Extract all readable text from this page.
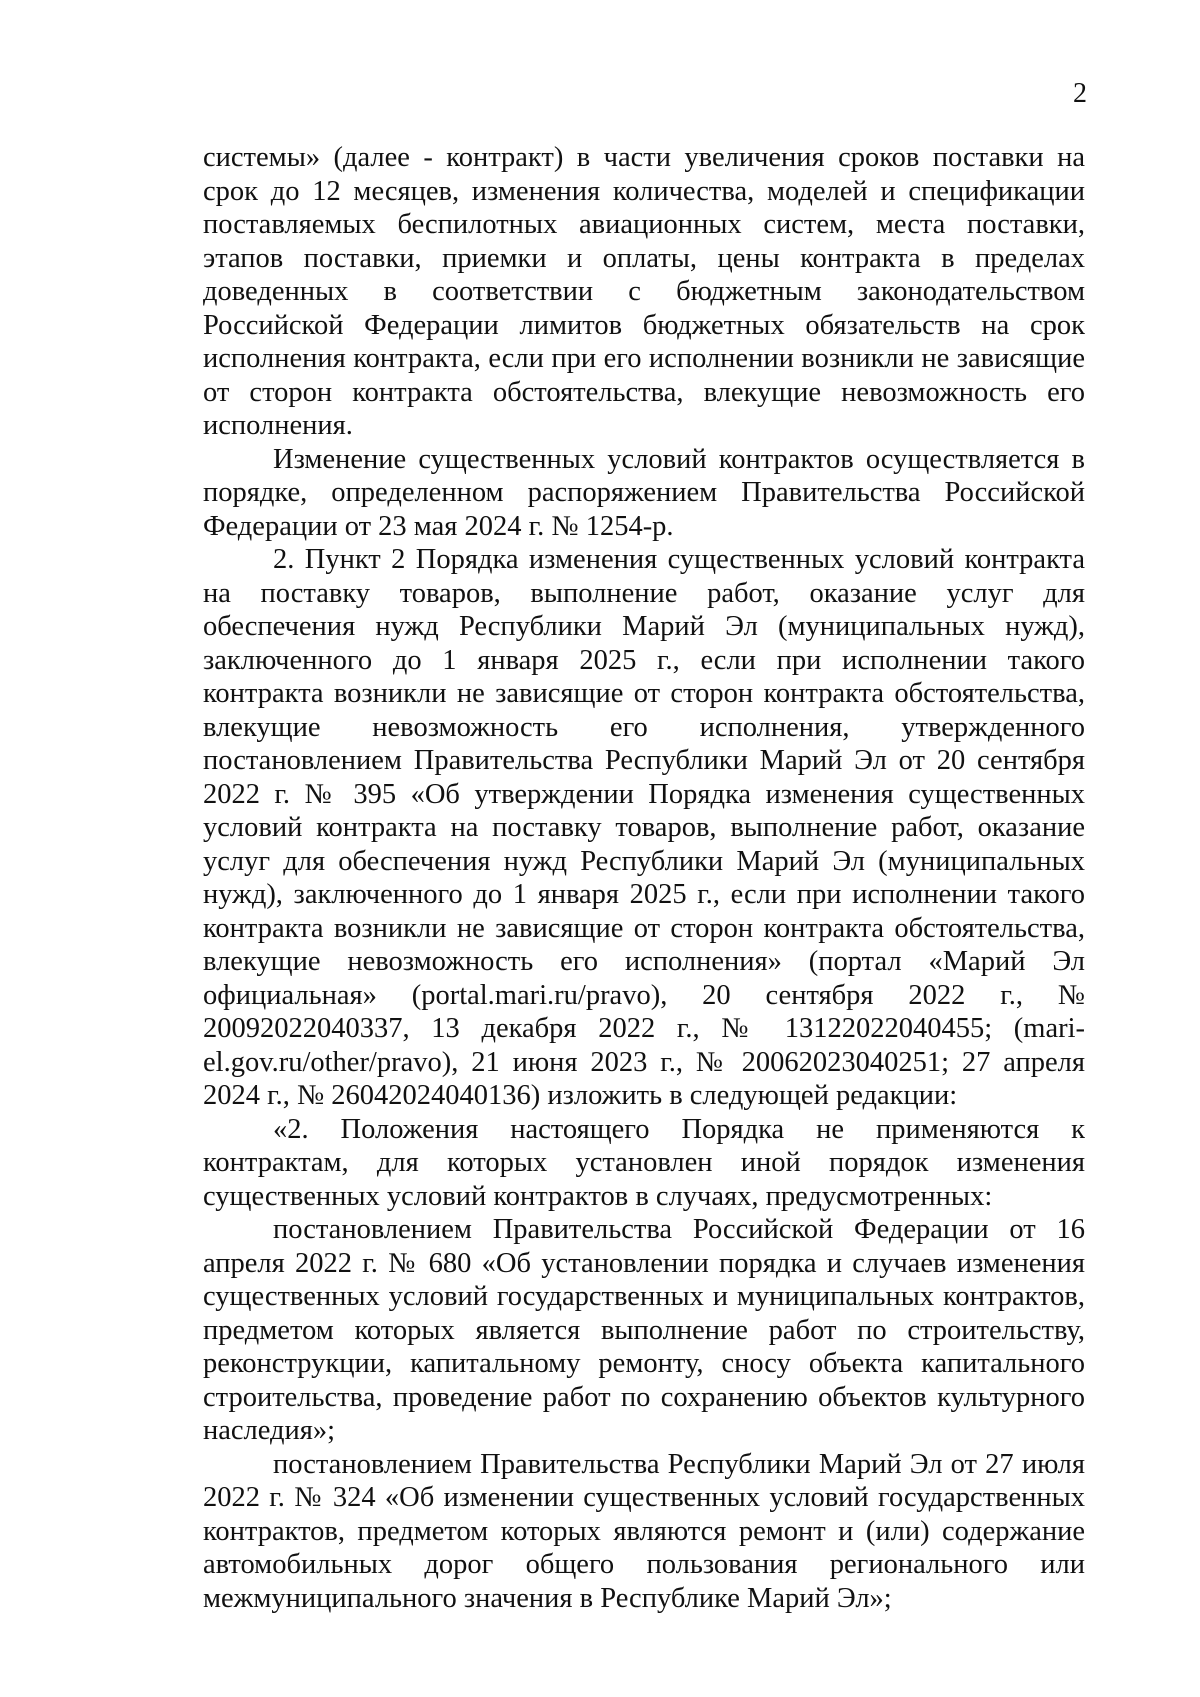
2

системы» (далее - контракт) в части увеличения сроков поставки на срок до 12 месяцев, изменения количества, моделей и спецификации поставляемых беспилотных авиационных систем, места поставки, этапов поставки, приемки и оплаты, цены контракта в пределах доведенных в соответствии с бюджетным законодательством Российской Федерации лимитов бюджетных обязательств на срок исполнения контракта, если при его исполнении возникли не зависящие от сторон контракта обстоятельства, влекущие невозможность его исполнения.

Изменение существенных условий контрактов осуществляется в порядке, определенном распоряжением Правительства Российской Федерации от 23 мая 2024 г. № 1254-р.

2. Пункт 2 Порядка изменения существенных условий контракта на поставку товаров, выполнение работ, оказание услуг для обеспечения нужд Республики Марий Эл (муниципальных нужд), заключенного до 1 января 2025 г., если при исполнении такого контракта возникли не зависящие от сторон контракта обстоятельства, влекущие невозможность его исполнения, утвержденного постановлением Правительства Республики Марий Эл от 20 сентября 2022 г. № 395 «Об утверждении Порядка изменения существенных условий контракта на поставку товаров, выполнение работ, оказание услуг для обеспечения нужд Республики Марий Эл (муниципальных нужд), заключенного до 1 января 2025 г., если при исполнении такого контракта возникли не зависящие от сторон контракта обстоятельства, влекущие невозможность его исполнения» (портал «Марий Эл официальная» (portal.mari.ru/pravo), 20 сентября 2022 г., № 20092022040337, 13 декабря 2022 г., № 13122022040455; (mari-el.gov.ru/other/pravo), 21 июня 2023 г., № 20062023040251; 27 апреля 2024 г., № 26042024040136) изложить в следующей редакции:

«2. Положения настоящего Порядка не применяются к контрактам, для которых установлен иной порядок изменения существенных условий контрактов в случаях, предусмотренных:

постановлением Правительства Российской Федерации от 16 апреля 2022 г. № 680 «Об установлении порядка и случаев изменения существенных условий государственных и муниципальных контрактов, предметом которых является выполнение работ по строительству, реконструкции, капитальному ремонту, сносу объекта капитального строительства, проведение работ по сохранению объектов культурного наследия»;

постановлением Правительства Республики Марий Эл от 27 июля 2022 г. № 324 «Об изменении существенных условий государственных контрактов, предметом которых являются ремонт и (или) содержание автомобильных дорог общего пользования регионального или межмуниципального значения в Республике Марий Эл»;
